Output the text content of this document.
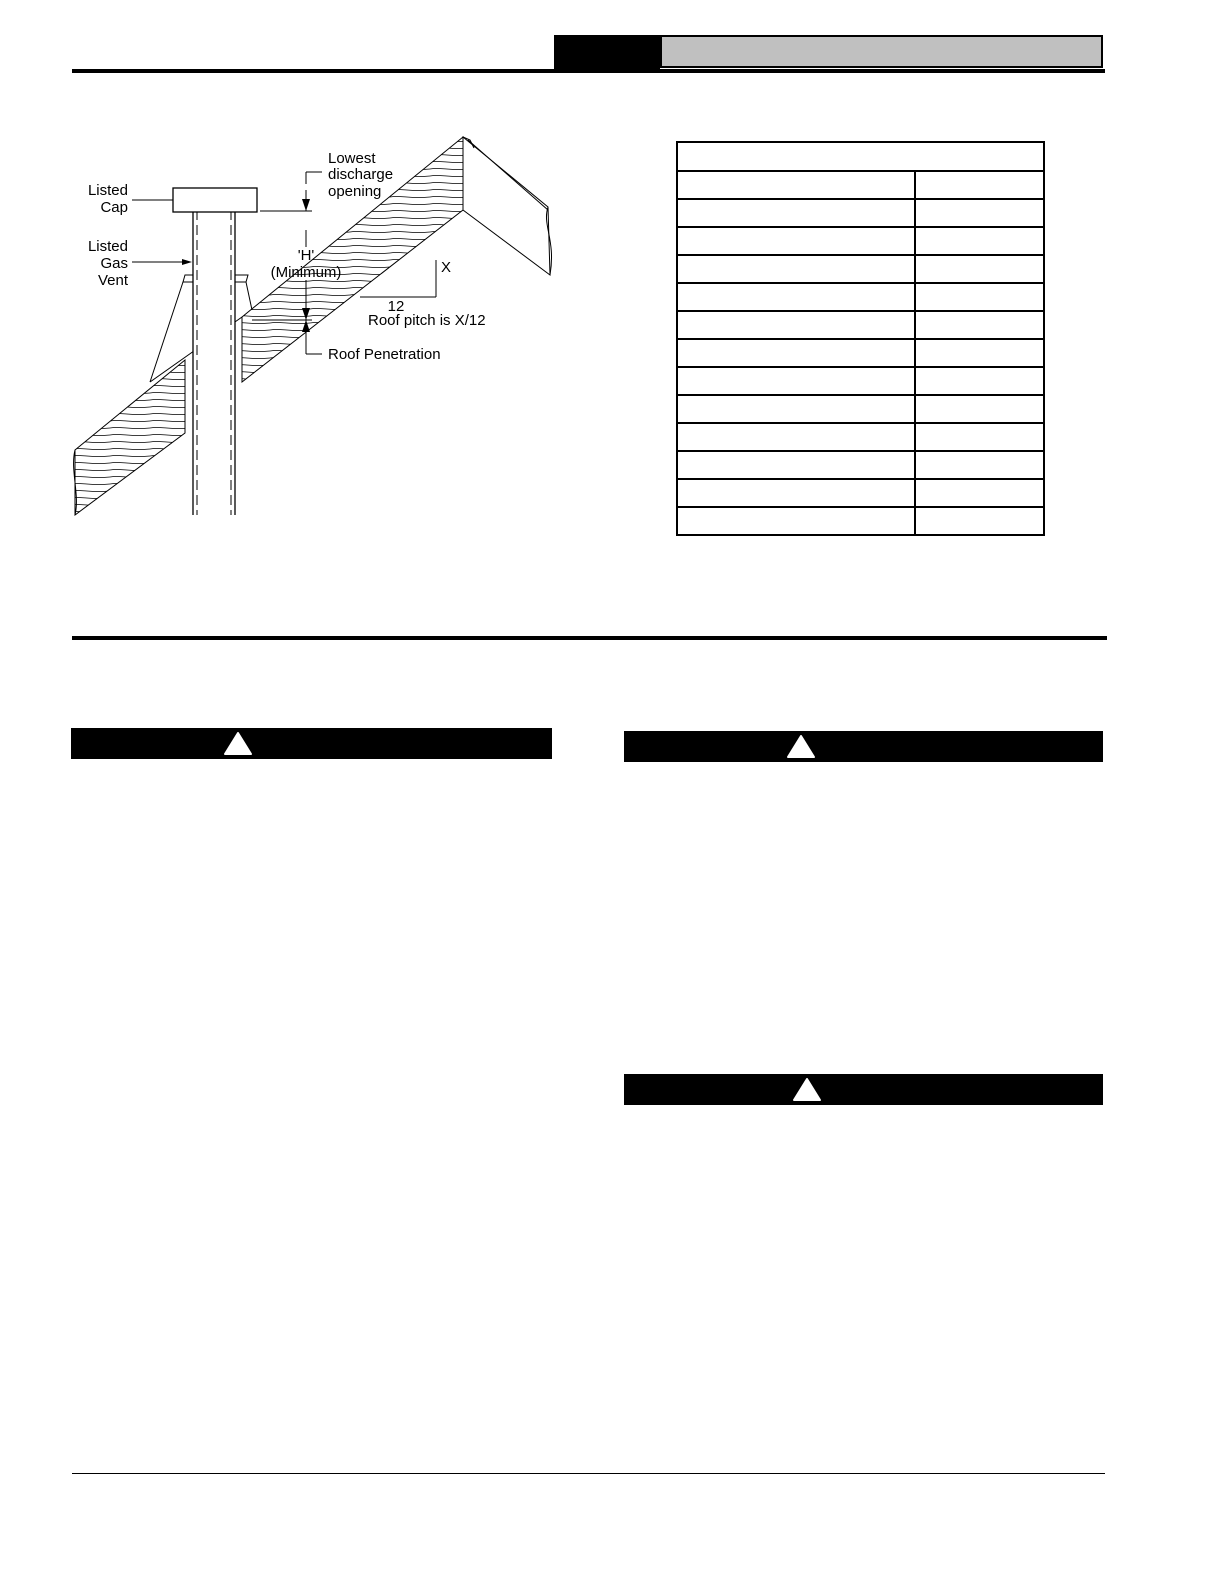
Listed
Cap
Listed
Gas
Vent
Lowest
discharge
opening
'H'
(Minimum)	X
12
Roof pitch is X/12
Roof Penetration
